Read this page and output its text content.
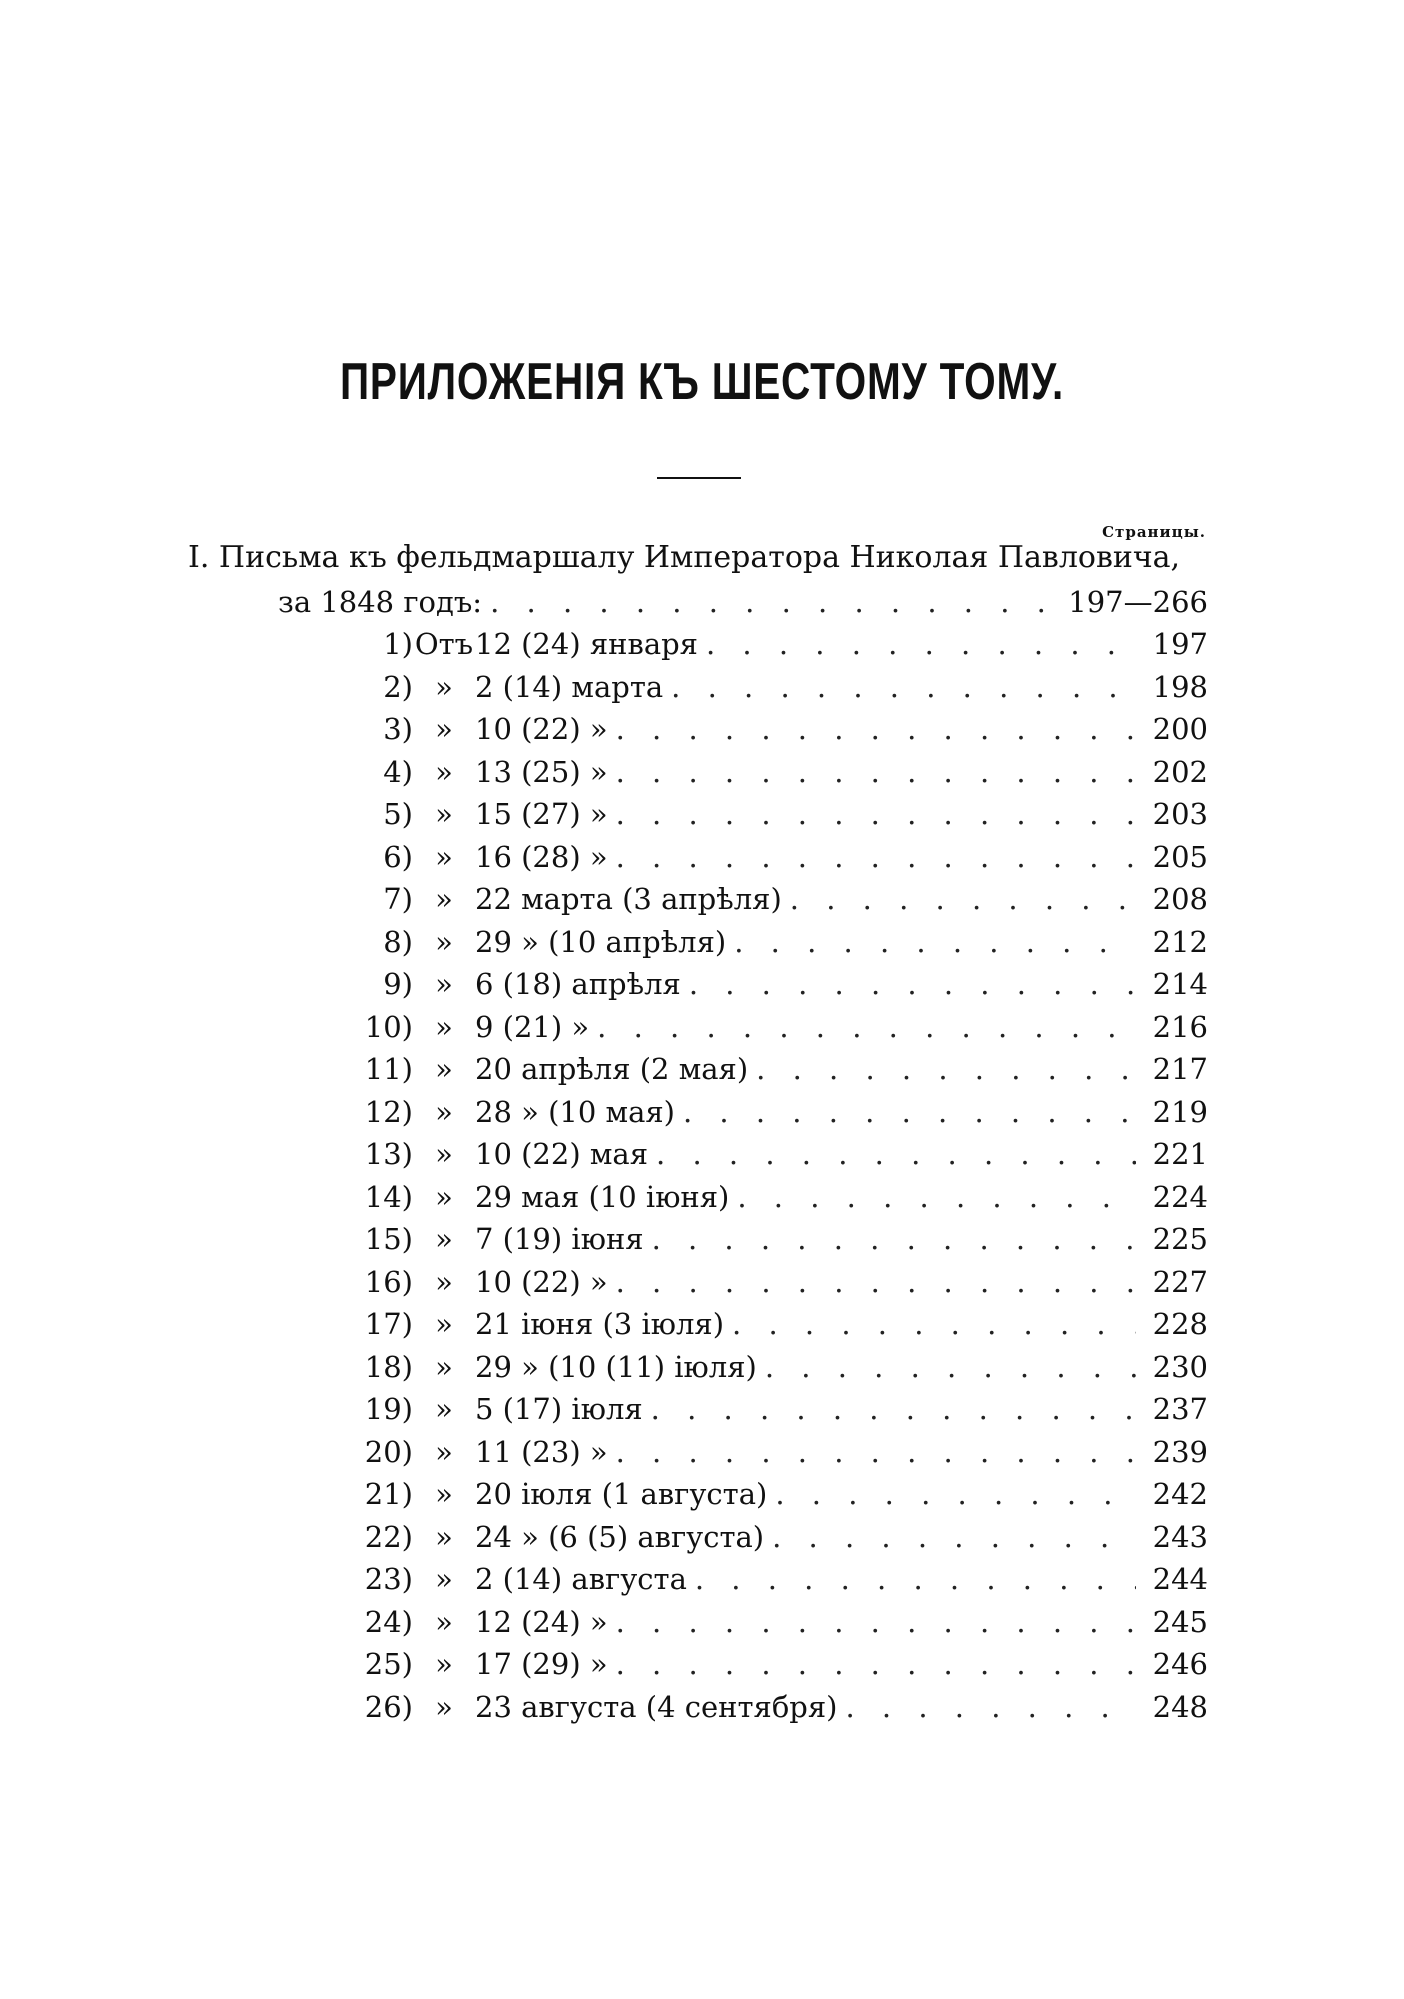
ПРИЛОЖЕНІЯ КЪ ШЕСТОМУ ТОМУ.
Страницы.
I. Письма къ фельдмаршалу Императора Николая Павловича,
за 1848 годъ: . . .	197—266
1) Отъ 12 (24) января . . .	197
2) » 2 (14) марта . . .	198
3) » 10 (22) » . . .	200
4) » 13 (25) » . . .	202
5) » 15 (27) » . . .	203
6) » 16 (28) » . . .	205
7) » 22 марта (3 апрѣля) . . .	208
8) » 29 » (10 апрѣля) . . .	212
9) » 6 (18) апрѣля . . .	214
10) » 9 (21) » . . .	216
11) » 20 апрѣля (2 мая) . . .	217
12) » 28 » (10 мая) . . .	219
13) » 10 (22) мая . . .	221
14) » 29 мая (10 іюня) . . .	224
15) » 7 (19) іюня . . .	225
16) » 10 (22) » . . .	227
17) » 21 іюня (3 іюля) . . .	228
18) » 29 » (10 (11) іюля) . . .	230
19) » 5 (17) іюля . . .	237
20) » 11 (23) » . . .	239
21) » 20 іюля (1 августа) . . .	242
22) » 24 » (6 (5) августа) . . .	243
23) » 2 (14) августа . . .	244
24) » 12 (24) » . . .	245
25) » 17 (29) » . . .	246
26) » 23 августа (4 сентября) . . .	248
